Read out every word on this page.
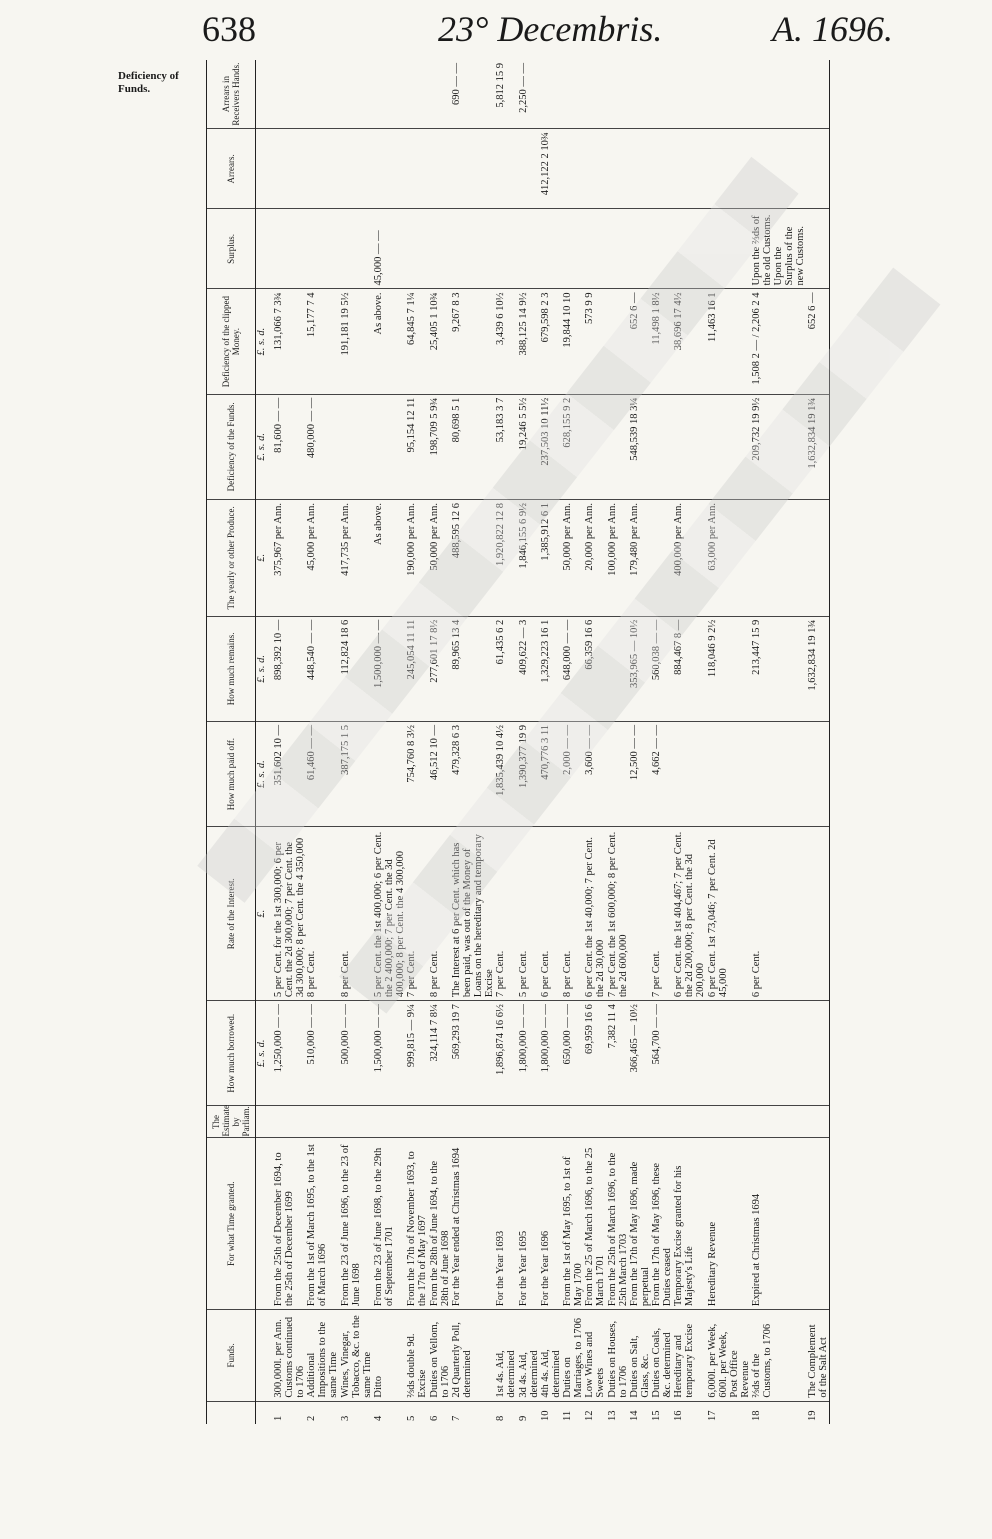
638	23° Decembris.	A. 1696.
Deficiency of Funds.
	Funds.	For what Time granted.	The Estimate by Parliam.	How much borrowed.	Rate of the Interest.	How much paid off.	How much remains.	The yearly or other Produce.	Deficiency of the Funds.	Deficiency of the clipped Money.	Surplus.	Arrears.	Arrears in Receivers Hands.
				£. s. d.	£.	£. s. d.	£. s. d.	£.	£. s. d.	£. s. d.			
1	300,000l. per Ann. Customs continued to 1706	From the 25th of December 1694, to the 25th of December 1699		1,250,000 — —	5 per Cent. for the 1st 300,000; 6 per Cent. the 2d 300,000; 7 per Cent. the 3d 300,000; 8 per Cent. the 4 350,000	351,602 10 —	898,392 10 —	375,967 per Ann.	81,600 — —	131,066 7 3¾			
2	Additional Impositions to the same Time	From the 1st of March 1695, to the 1st of March 1696		510,000 — —	8 per Cent.	61,460 — —	448,540 — —	45,000 per Ann.	480,000 — —	15,177 7 4			
3	Wines, Vinegar, Tobacco, &c. to the same Time	From the 23 of June 1696, to the 23 of June 1698		500,000 — —	8 per Cent.	387,175 1 5	112,824 18 6	417,735 per Ann.		191,181 19 5½			
4	Ditto	From the 23 of June 1698, to the 29th of September 1701		1,500,000 — —	5 per Cent. the 1st 400,000; 6 per Cent. the 2 400,000; 7 per Cent. the 3d 400,000; 8 per Cent. the 4 300,000		1,500,000 — —	As above.		As above.	45,000 — —		
5	⅔ds double 9d. Excise	From the 17th of November 1693, to the 17th of May 1697		999,815 — 9¼	7 per Cent.	754,760 8 3½	245,054 11 11	190,000 per Ann.	95,154 12 11	64,845 7 1¼			
6	Duties on Vellom, to 1706	From the 28th of June 1694, to the 28th of June 1698		324,114 7 8¼	8 per Cent.	46,512 10 —	277,601 17 8½	50,000 per Ann.	198,709 5 9¾	25,405 1 10¾			
7	2d Quarterly Poll, determined	For the Year ended at Christmas 1694		569,293 19 7	The Interest at 6 per Cent. which has been paid, was out of the Money of Loans on the hereditary and temporary Excise	479,328 6 3	89,965 13 4	488,595 12 6	80,698 5 1	9,267 8 3			690 — —
8	1st 4s. Aid, determined	For the Year 1693		1,896,874 16 6½	7 per Cent.	1,835,439 10 4½	61,435 6 2	1,920,822 12 8	53,183 3 7	3,439 6 10½			5,812 15 9
9	3d 4s. Aid, determined	For the Year 1695		1,800,000 — —	5 per Cent.	1,390,377 19 9	409,622 — 3	1,846,155 6 9½	19,246 5 5½	388,125 14 9½			2,250 — —
10	4th 4s. Aid, determined	For the Year 1696		1,800,000 — —	6 per Cent.	470,776 3 11	1,329,223 16 1	1,385,912 6 1	237,503 10 11½	679,598 2 3		412,122 2 10¾	
11	Duties on Marriages, to 1706	From the 1st of May 1695, to 1st of May 1700		650,000 — —	8 per Cent.	2,000 — —	648,000 — —	50,000 per Ann.	628,155 9 2	19,844 10 10			
12	Low Wines and Sweets	From the 25 of March 1696, to the 25 March 1701		69,959 16 6	6 per Cent. the 1st 40,000; 7 per Cent. the 2d 30,000	3,600 — —	66,359 16 6	20,000 per Ann.		573 9 9			
13	Duties on Houses, to 1706	From the 25th of March 1696, to the 25th March 1703		7,382 11 4	7 per Cent. the 1st 600,000; 8 per Cent. the 2d 600,000			100,000 per Ann.					
14	Duties on Salt, Glass, &c.	From the 17th of May 1696, made perpetual		366,465 — 10½		12,500 — —	353,965 — 10½	179,480 per Ann.	548,539 18 3¼	652 6 —			
15	Duties on Coals, &c. determined	From the 17th of May 1696, these Duties ceased		564,700 — —	7 per Cent.	4,662 — —	560,038 — —			11,498 1 8½			
16	Hereditary and temporary Excise	Temporary Excise granted for his Majesty's Life			6 per Cent. the 1st 404,467; 7 per Cent. the 2d 200,000; 8 per Cent. the 3d 200,000		884,467 8 —	400,000 per Ann.		38,696 17 4½			
17	6,000l. per Week, 600l. per Week, Post Office Revenue	Hereditary Revenue			6 per Cent. 1st 73,046; 7 per Cent. 2d 45,000		118,046 9 2½	63,000 per Ann.		11,463 16 1			
18	⅔ds of the Customs, to 1706	Expired at Christmas 1694			6 per Cent.		213,447 15 9		209,732 19 9½	1,508 2 — / 2,206 2 4	Upon the ⅔ds of the old Customs. Upon the Surplus of the new Customs.		
19	The Complement of the Salt Act						1,632,834 19 1¾		1,632,834 19 1¾	652 6 —			
